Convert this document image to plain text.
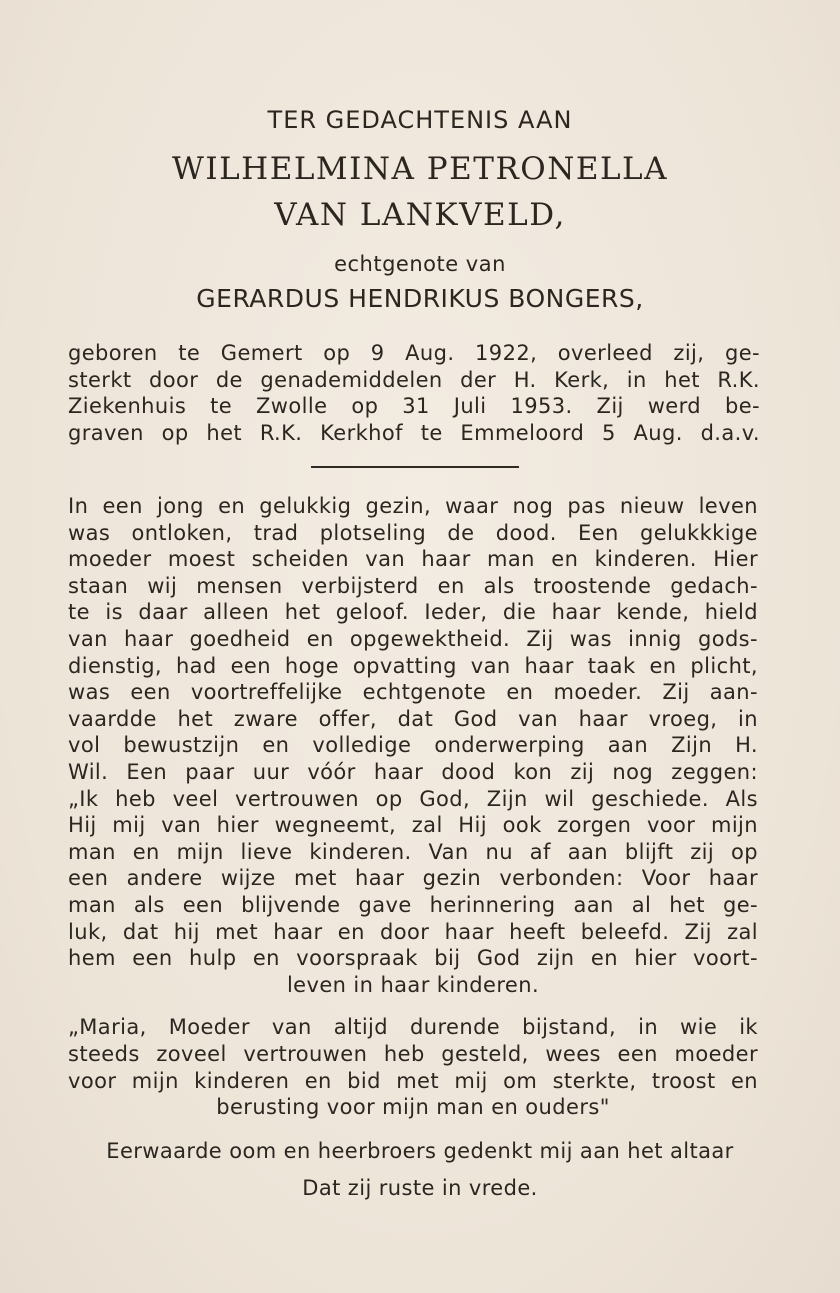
TER GEDACHTENIS AAN
WILHELMINA PETRONELLA
VAN LANKVELD,
echtgenote van
GERARDUS HENDRIKUS BONGERS,
geboren te Gemert op 9 Aug. 1922, overleed zij, ge-
sterkt door de genademiddelen der H. Kerk, in het R.K.
Ziekenhuis te Zwolle op 31 Juli 1953. Zij werd be-
graven op het R.K. Kerkhof te Emmeloord 5 Aug. d.a.v.
In een jong en gelukkig gezin, waar nog pas nieuw leven
was ontloken, trad plotseling de dood. Een gelukkkige
moeder moest scheiden van haar man en kinderen. Hier
staan wij mensen verbijsterd en als troostende gedach-
te is daar alleen het geloof. Ieder, die haar kende, hield
van haar goedheid en opgewektheid. Zij was innig gods-
dienstig, had een hoge opvatting van haar taak en plicht,
was een voortreffelijke echtgenote en moeder. Zij aan-
vaardde het zware offer, dat God van haar vroeg, in
vol bewustzijn en volledige onderwerping aan Zijn H.
Wil. Een paar uur vóór haar dood kon zij nog zeggen:
„Ik heb veel vertrouwen op God, Zijn wil geschiede. Als
Hij mij van hier wegneemt, zal Hij ook zorgen voor mijn
man en mijn lieve kinderen. Van nu af aan blijft zij op
een andere wijze met haar gezin verbonden: Voor haar
man als een blijvende gave herinnering aan al het ge-
luk, dat hij met haar en door haar heeft beleefd. Zij zal
hem een hulp en voorspraak bij God zijn en hier voort-
leven in haar kinderen.
„Maria, Moeder van altijd durende bijstand, in wie ik
steeds zoveel vertrouwen heb gesteld, wees een moeder
voor mijn kinderen en bid met mij om sterkte, troost en
berusting voor mijn man en ouders"
Eerwaarde oom en heerbroers gedenkt mij aan het altaar
Dat zij ruste in vrede.
